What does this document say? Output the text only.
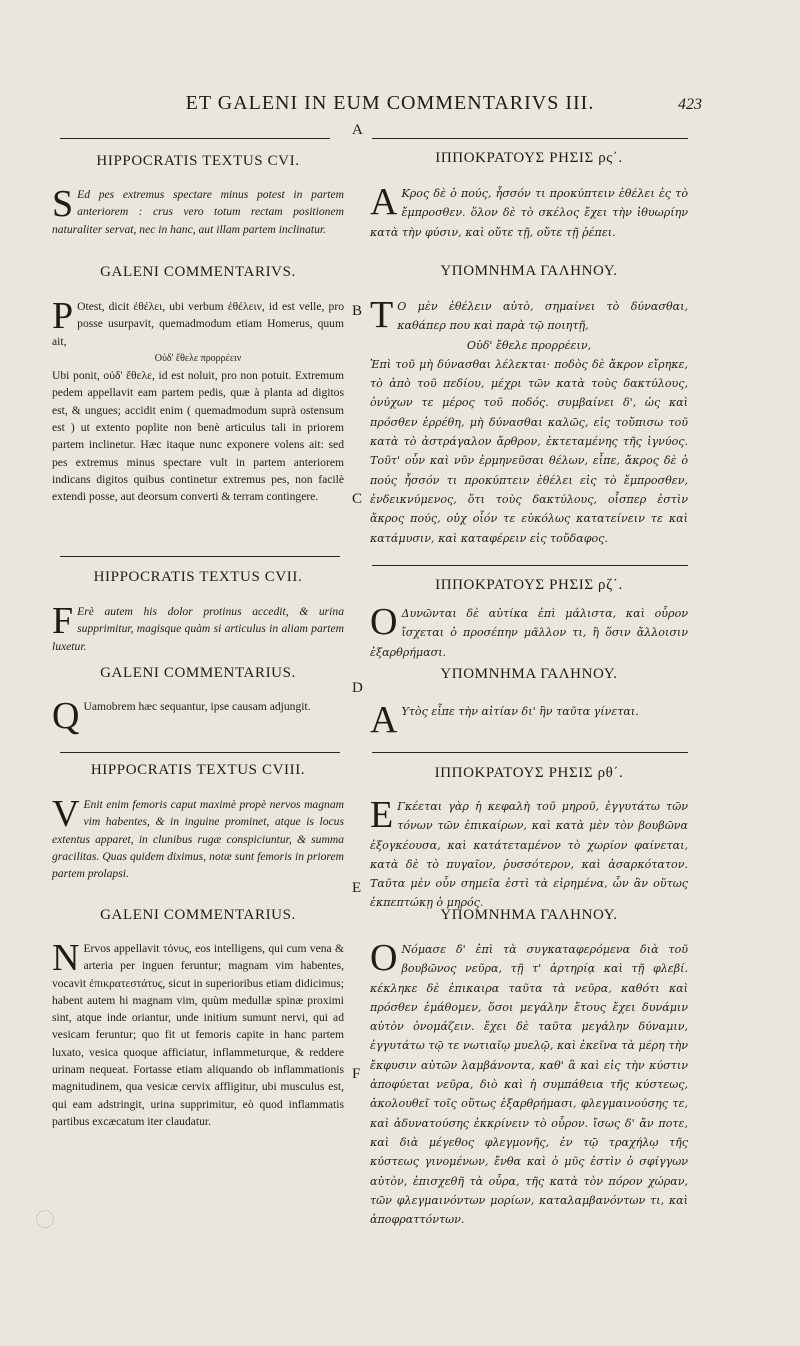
ET GALENI IN EUM COMMENTARIVS III.	423
A
B
C
D
E
F
HIPPOCRATIS TEXTUS CVI.
S Ed pes extremus spectare minus potest in partem anteriorem : crus vero totum rectam positionem naturaliter servat, nec in hanc, aut illam partem inclinatur.
GALENI COMMENTARIVS.
P Otest, dicit ἐθέλει, ubi verbum ἐθέλειν, id est velle, pro posse usurpavit, quemadmodum etiam Homerus, quum ait,
Οὐδ' ἔθελε προρρέειν
Ubi ponit, οὐδ' ἔθελε, id est noluit, pro non potuit. Extremum pedem appellavit eam partem pedis, quæ à planta ad digitos est, & ungues; accidit enim ( quemadmodum suprà ostensum est ) ut extento poplite non benè articulus tali in priorem partem inclinetur. Hæc itaque nunc exponere volens ait: sed pes extremus minus spectare vult in partem anteriorem indicans digitos quibus continetur extremus pes, non facilè extendi posse, aut deorsum converti & terram contingere.
HIPPOCRATIS TEXTUS CVII.
F Erè autem his dolor protinus accedit, & urina supprimitur, magisque quàm si articulus in aliam partem luxetur.
GALENI COMMENTARIUS.
Q Uamobrem hæc sequantur, ipse causam adjungit.
HIPPOCRATIS TEXTUS CVIII.
V Enit enim femoris caput maximè propè nervos magnam vim habentes, & in inguine prominet, atque is locus extentus apparet, in clunibus rugæ conspiciuntur, & summa gracilitas. Quas quidem diximus, notæ sunt femoris in priorem partem prolapsi.
GALENI COMMENTARIUS.
N Ervos appellavit τόνυς, eos intelligens, qui cum vena & arteria per inguen feruntur; magnam vim habentes, vocavit ἐπικρατεστάτυς, sicut in superioribus etiam didicimus; habent autem hi magnam vim, quùm medullæ spinæ proximi sint, atque inde oriantur, unde initium sumunt nervi, qui ad vesicam feruntur; quo fit ut femoris capite in hanc partem luxato, vesica quoque afficiatur, inflammeturque, & reddere urinam nequeat. Fortasse etiam aliquando ob inflammationis magnitudinem, qua vesicæ cervix affligitur, ubi musculus est, qui eam adstringit, urina supprimitur, eò quod inflammatis partibus excæcatum iter claudatur.
ΙΠΠΟΚΡΑΤΟΥΣ ΡΗΣΙΣ ρς΄.
Α Κρος δὲ ὁ πούς, ἧσσόν τι προκύπτειν ἐθέλει ἐς τὸ ἔμπροσθεν. ὅλον δὲ τὸ σκέλος ἔχει τὴν ἰθυωρίην κατὰ τὴν φύσιν, καὶ οὔτε τῇ, οὔτε τῇ ῥέπει.
ΥΠΟΜΝΗΜΑ ΓΑΛΗΝΟΥ.
Τ Ο μὲν ἐθέλειν αὐτὸ, σημαίνει τὸ δύνασθαι, καθάπερ που καὶ παρὰ τῷ ποιητῇ,
Οὐδ' ἔθελε προρρέειν,
Ἐπὶ τοῦ μὴ δύνασθαι λέλεκται· ποδὸς δὲ ἄκρον εἴρηκε, τὸ ἀπὸ τοῦ πεδίου, μέχρι τῶν κατὰ τοὺς δακτύλους, ὀνύχων τε μέρος τοῦ ποδός. συμβαίνει δ', ὡς καὶ πρόσθεν ἐρρέθη, μὴ δύνασθαι καλῶς, εἰς τοὔπισω τοῦ κατὰ τὸ ἀστράγαλον ἄρθρον, ἐκτεταμένης τῆς ἰγνύος. Τοῦτ' οὖν καὶ νῦν ἑρμηνεῦσαι θέλων, εἶπε, ἄκρος δὲ ὁ πούς ἧσσόν τι προκύπτειν ἐθέλει εἰς τὸ ἔμπροσθεν, ἐνδεικνύμενος, ὅτι τοὺς δακτύλους, οἷσπερ ἐστὶν ἄκρος πούς, οὐχ οἷόν τε εὐκόλως κατατείνειν τε καὶ κατάμυσιν, καὶ καταφέρειν εἰς τοὔδαφος.
ΙΠΠΟΚΡΑΤΟΥΣ ΡΗΣΙΣ ρζ΄.
Ο Δυνῶνται δὲ αὐτίκα ἐπὶ μάλιστα, καὶ οὖρον ἴσχεται ὁ προσέπην μᾶλλον τι, ἢ ὅσιν ἄλλοισιν ἐξαρθρήμασι.
ΥΠΟΜΝΗΜΑ ΓΑΛΗΝΟΥ.
Α Υτὸς εἶπε τὴν αἰτίαν δι' ἣν ταῦτα γίνεται.
ΙΠΠΟΚΡΑΤΟΥΣ ΡΗΣΙΣ ρθ΄.
Ε Γκέεται γὰρ ἡ κεφαλὴ τοῦ μηροῦ, ἐγγυτάτω τῶν τόνων τῶν ἐπικαίρων, καὶ κατὰ μὲν τὸν βουβῶνα ἐξογκέουσα, καὶ κατάτεταμένον τὸ χωρίον φαίνεται, κατὰ δὲ τὸ πυγαῖον, ῥυσσότερον, καὶ ἀσαρκότατον. Ταῦτα μὲν οὖν σημεῖα ἐστὶ τὰ εἰρημένα, ὧν ἂν οὕτως ἐκπεπτώκῃ ὁ μηρός.
ΥΠΟΜΝΗΜΑ ΓΑΛΗΝΟΥ.
Ο Νόμασε δ' ἐπὶ τὰ συγκαταφερόμενα διὰ τοῦ βουβῶνος νεῦρα, τῇ τ' ἀρτηρίᾳ καὶ τῇ φλεβί. κέκληκε δὲ ἐπικαιρα ταῦτα τὰ νεῦρα, καθότι καὶ πρόσθεν ἐμάθομεν, ὅσοι μεγάλην ἔτους ἔχει δυνάμιν αὐτὸν ὀνομάζειν. ἔχει δὲ ταῦτα μεγάλην δύναμιν, ἐγγυτάτω τῷ τε νωτιαῖῳ μυελῷ, καὶ ἐκεῖνα τὰ μέρη τὴν ἔκφυσιν αὐτῶν λαμβάνοντα, καθ' ἃ καὶ εἰς τὴν κύστιν ἀποφύεται νεῦρα, διὸ καὶ ἡ συμπάθεια τῆς κύστεως, ἀκολουθεῖ τοῖς οὕτως ἐξαρθρήμασι, φλεγμαινούσης τε, καὶ ἀδυνατούσης ἐκκρίνειν τὸ οὖρον. ἴσως δ' ἄν ποτε, καὶ διὰ μέγεθος φλεγμονῆς, ἐν τῷ τραχήλῳ τῆς κύστεως γινομένων, ἔνθα καὶ ὁ μῦς ἐστὶν ὁ σφίγγων αὐτὸν, ἐπισχεθῆ τὰ οὖρα, τῆς κατὰ τὸν πόρον χώραν, τῶν φλεγμαινόντων μορίων, καταλαμβανόντων τι, καὶ ἀποφραττόντων.
